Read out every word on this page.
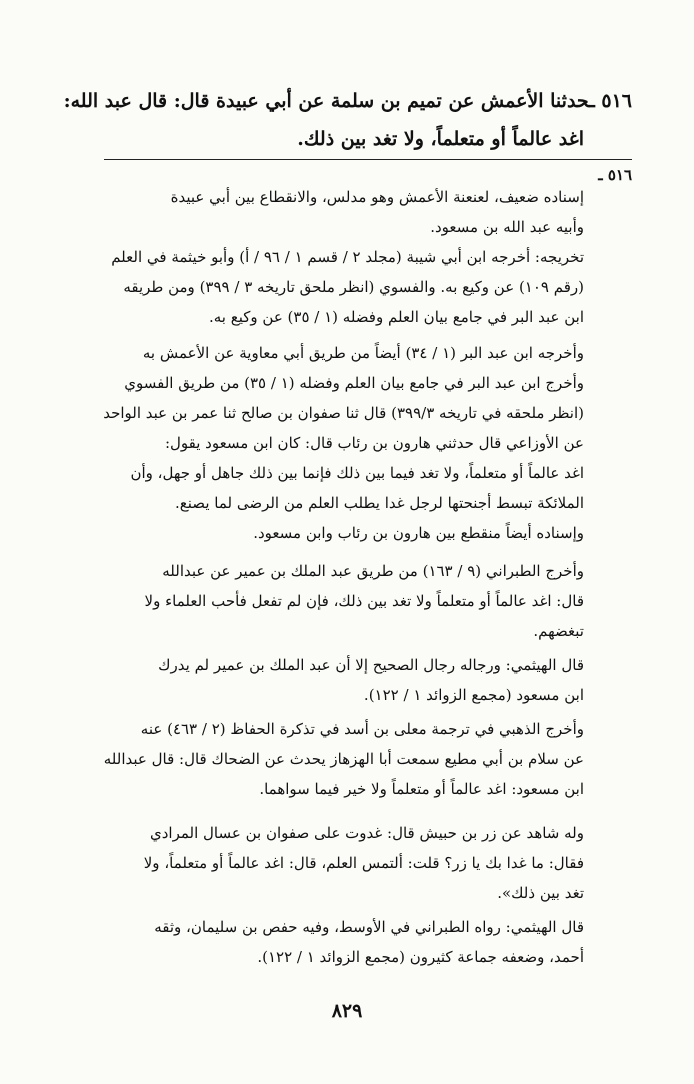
٥١٦ ـحدثنا الأعمش عن تميم بن سلمة عن أبي عبيدة قال: قال عبد الله:
اغد عالماً أو متعلماً، ولا تغد بين ذلك.
٥١٦ ـ
إسناده ضعيف، لعنعنة الأعمش وهو مدلس، والانقطاع بين أبي عبيدة
وأبيه عبد الله بن مسعود.
تخريجه: أخرجه ابن أبي شيبة (مجلد ٢ / قسم ١ / ٩٦ / أ) وأبو خيثمة في العلم
(رقم ١٠٩) عن وكيع به. والفسوي (انظر ملحق تاريخه ٣ / ٣٩٩) ومن طريقه
ابن عبد البر في جامع بيان العلم وفضله (١ / ٣٥) عن وكيع به.
وأخرجه ابن عبد البر (١ / ٣٤) أيضاً من طريق أبي معاوية عن الأعمش به
وأخرج ابن عبد البر في جامع بيان العلم وفضله (١ / ٣٥) من طريق الفسوي
(انظر ملحقه في تاريخه ٣٩٩/٣) قال ثنا صفوان بن صالح ثنا عمر بن عبد الواحد
عن الأوزاعي قال حدثني هارون بن رئاب قال: كان ابن مسعود يقول:
اغد عالماً أو متعلماً، ولا تغد فيما بين ذلك فإنما بين ذلك جاهل أو جهل، وأن
الملائكة تبسط أجنحتها لرجل غدا يطلب العلم من الرضى لما يصنع.
وإسناده أيضاً منقطع بين هارون بن رئاب وابن مسعود.
وأخرج الطبراني (٩ / ١٦٣) من طريق عبد الملك بن عمير عن عبدالله
قال: اغد عالماً أو متعلماً ولا تغد بين ذلك، فإن لم تفعل فأحب العلماء ولا
تبغضهم.
قال الهيثمي: ورجاله رجال الصحيح إلا أن عبد الملك بن عمير لم يدرك
ابن مسعود (مجمع الزوائد ١ / ١٢٢).
وأخرج الذهبي في ترجمة معلى بن أسد في تذكرة الحفاظ (٢ / ٤٦٣) عنه
عن سلام بن أبي مطيع سمعت أبا الهزهاز يحدث عن الضحاك قال: قال عبدالله
ابن مسعود: اغد عالماً أو متعلماً ولا خير فيما سواهما.
وله شاهد عن زر بن حبيش قال: غدوت على صفوان بن عسال المرادي
فقال: ما غدا بك يا زر؟ قلت: ألتمس العلم، قال: اغد عالماً أو متعلماً، ولا
تغد بين ذلك».
قال الهيثمي: رواه الطبراني في الأوسط، وفيه حفص بن سليمان، وثقه
أحمد، وضعفه جماعة كثيرون (مجمع الزوائد ١ / ١٢٢).
٨٢٩
